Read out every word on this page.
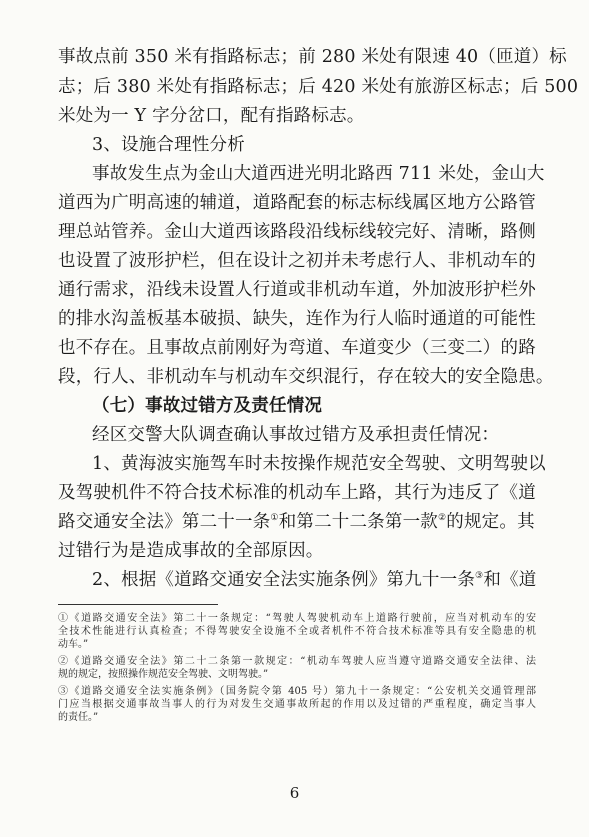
事故点前 350 米有指路标志；前 280 米处有限速 40（匝道）标
志；后 380 米处有指路标志；后 420 米处有旅游区标志；后 500
米处为一 Y 字分岔口，配有指路标志。
3、设施合理性分析
事故发生点为金山大道西进光明北路西 711 米处，金山大
道西为广明高速的辅道，道路配套的标志标线属区地方公路管
理总站管养。金山大道西该路段沿线标线较完好、清晰，路侧
也设置了波形护栏，但在设计之初并未考虑行人、非机动车的
通行需求，沿线未设置人行道或非机动车道，外加波形护栏外
的排水沟盖板基本破损、缺失，连作为行人临时通道的可能性
也不存在。且事故点前刚好为弯道、车道变少（三变二）的路
段，行人、非机动车与机动车交织混行，存在较大的安全隐患。
（七）事故过错方及责任情况
经区交警大队调查确认事故过错方及承担责任情况：
1、黄海波实施驾车时未按操作规范安全驾驶、文明驾驶以
及驾驶机件不符合技术标准的机动车上路，其行为违反了《道
路交通安全法》第二十一条①和第二十二条第一款②的规定。其
过错行为是造成事故的全部原因。
2、根据《道路交通安全法实施条例》第九十一条③和《道
①《道路交通安全法》第二十一条规定：“驾驶人驾驶机动车上道路行驶前，应当对机动车的安
全技术性能进行认真检查；不得驾驶安全设施不全或者机件不符合技术标准等具有安全隐患的机
动车。”
②《道路交通安全法》第二十二条第一款规定：“机动车驾驶人应当遵守道路交通安全法律、法
规的规定，按照操作规范安全驾驶、文明驾驶。”
③《道路交通安全法实施条例》（国务院令第 405 号）第九十一条规定：“公安机关交通管理部
门应当根据交通事故当事人的行为对发生交通事故所起的作用以及过错的严重程度，确定当事人
的责任。”
6
